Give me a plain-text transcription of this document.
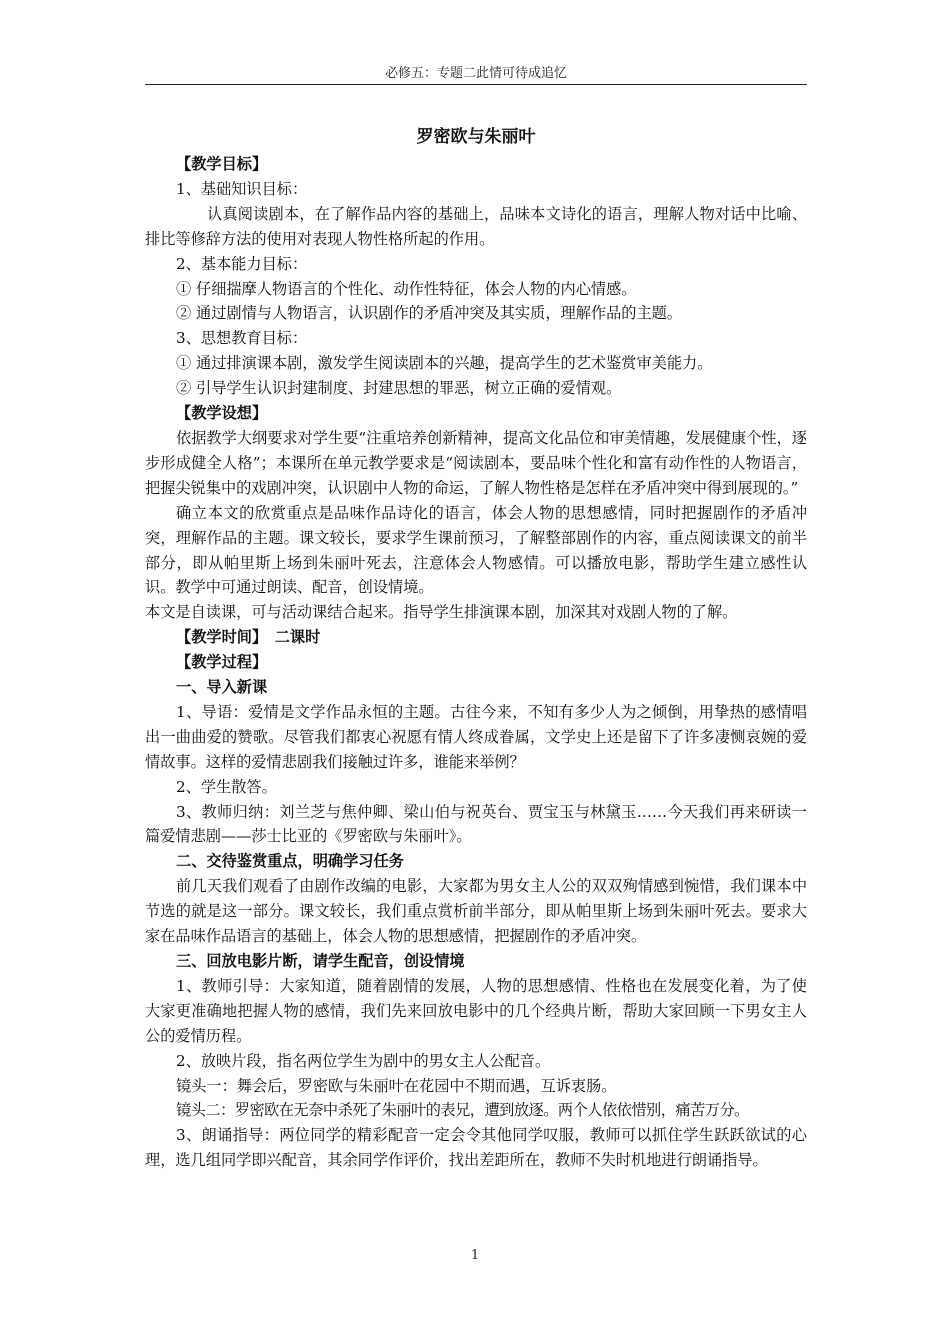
必修五：专题二此情可待成追忆

罗密欧与朱丽叶

【教学目标】

1、基础知识目标：

认真阅读剧本，在了解作品内容的基础上，品味本文诗化的语言，理解人物对话中比喻、排比等修辞方法的使用对表现人物性格所起的作用。

2、基本能力目标：

① 仔细揣摩人物语言的个性化、动作性特征，体会人物的内心情感。

② 通过剧情与人物语言，认识剧作的矛盾冲突及其实质，理解作品的主题。

3、思想教育目标：

① 通过排演课本剧，激发学生阅读剧本的兴趣，提高学生的艺术鉴赏审美能力。

② 引导学生认识封建制度、封建思想的罪恶，树立正确的爱情观。

【教学设想】

依据教学大纲要求对学生要“注重培养创新精神，提高文化品位和审美情趣，发展健康个性，逐步形成健全人格”；本课所在单元教学要求是“阅读剧本，要品味个性化和富有动作性的人物语言，把握尖锐集中的戏剧冲突，认识剧中人物的命运，了解人物性格是怎样在矛盾冲突中得到展现的。”

确立本文的欣赏重点是品味作品诗化的语言，体会人物的思想感情，同时把握剧作的矛盾冲突，理解作品的主题。课文较长，要求学生课前预习，了解整部剧作的内容，重点阅读课文的前半部分，即从帕里斯上场到朱丽叶死去，注意体会人物感情。可以播放电影，帮助学生建立感性认识。教学中可通过朗读、配音，创设情境。

本文是自读课，可与活动课结合起来。指导学生排演课本剧，加深其对戏剧人物的了解。

【教学时间】　二课时

【教学过程】

一、导入新课

1、导语：爱情是文学作品永恒的主题。古往今来，不知有多少人为之倾倒，用挚热的感情唱出一曲曲爱的赞歌。尽管我们都衷心祝愿有情人终成眷属，文学史上还是留下了许多凄恻哀婉的爱情故事。这样的爱情悲剧我们接触过许多，谁能来举例？

2、学生散答。

3、教师归纳：刘兰芝与焦仲卿、梁山伯与祝英台、贾宝玉与林黛玉……今天我们再来研读一篇爱情悲剧——莎士比亚的《罗密欧与朱丽叶》。

二、交待鉴赏重点，明确学习任务

前几天我们观看了由剧作改编的电影，大家都为男女主人公的双双殉情感到惋惜，我们课本中节选的就是这一部分。课文较长，我们重点赏析前半部分，即从帕里斯上场到朱丽叶死去。要求大家在品味作品语言的基础上，体会人物的思想感情，把握剧作的矛盾冲突。

三、回放电影片断，请学生配音，创设情境

1、教师引导：大家知道，随着剧情的发展，人物的思想感情、性格也在发展变化着，为了使大家更准确地把握人物的感情，我们先来回放电影中的几个经典片断，帮助大家回顾一下男女主人公的爱情历程。

2、放映片段，指名两位学生为剧中的男女主人公配音。

镜头一：舞会后，罗密欧与朱丽叶在花园中不期而遇，互诉衷肠。

镜头二：罗密欧在无奈中杀死了朱丽叶的表兄，遭到放逐。两个人依依惜别，痛苦万分。

3、朗诵指导：两位同学的精彩配音一定会令其他同学叹服，教师可以抓住学生跃跃欲试的心理，选几组同学即兴配音，其余同学作评价，找出差距所在，教师不失时机地进行朗诵指导。

1
